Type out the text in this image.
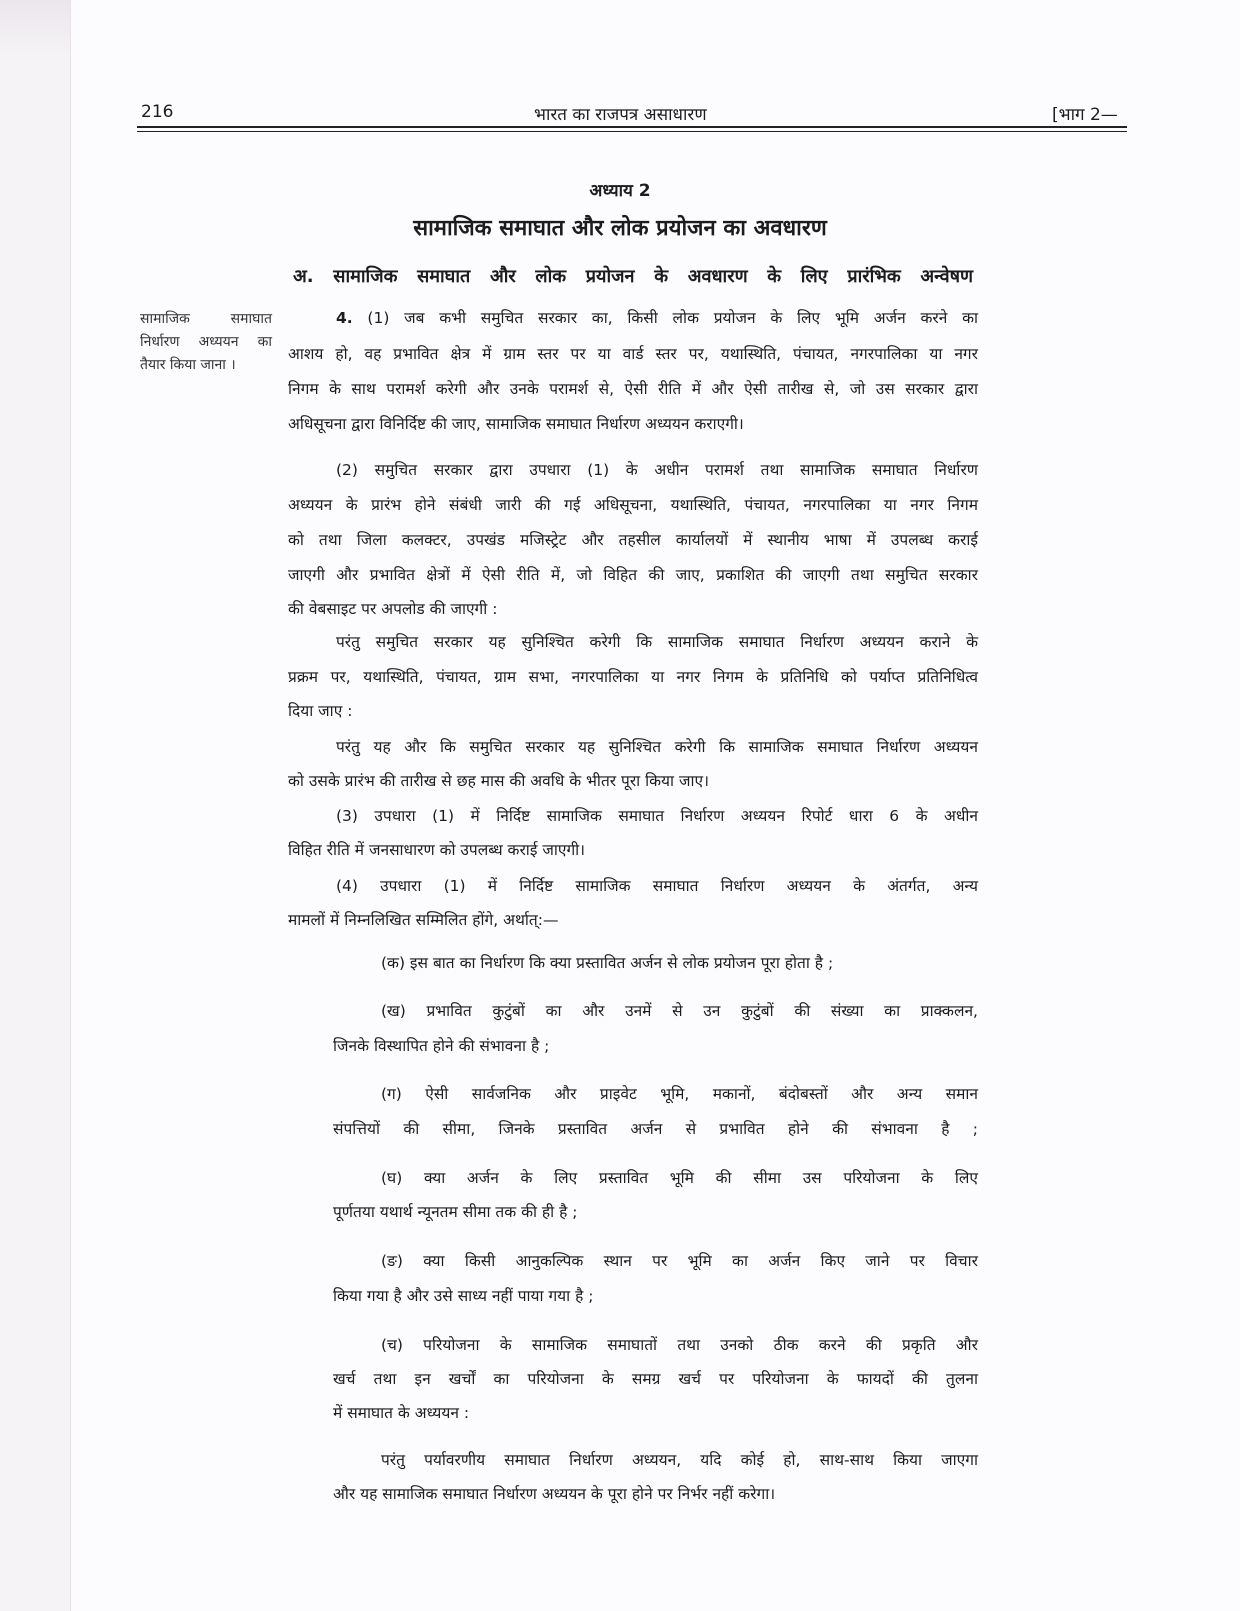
216	भारत का राजपत्र असाधारण	[भाग 2—
अध्याय 2
सामाजिक समाघात और लोक प्रयोजन का अवधारण
अ. सामाजिक समाघात और लोक प्रयोजन के अवधारण के लिए प्रारंभिक अन्वेषण
सामाजिक समाघात
निर्धारण अध्ययन का
तैयार किया जाना ।
4. (1) जब कभी समुचित सरकार का, किसी लोक प्रयोजन के लिए भूमि अर्जन करने का
आशय हो, वह प्रभावित क्षेत्र में ग्राम स्तर पर या वार्ड स्तर पर, यथास्थिति, पंचायत, नगरपालिका या नगर
निगम के साथ परामर्श करेगी और उनके परामर्श से, ऐसी रीति में और ऐसी तारीख से, जो उस सरकार द्वारा
अधिसूचना द्वारा विनिर्दिष्ट की जाए, सामाजिक समाघात निर्धारण अध्ययन कराएगी।
(2) समुचित सरकार द्वारा उपधारा (1) के अधीन परामर्श तथा सामाजिक समाघात निर्धारण
अध्ययन के प्रारंभ होने संबंधी जारी की गई अधिसूचना, यथास्थिति, पंचायत, नगरपालिका या नगर निगम
को तथा जिला कलक्टर, उपखंड मजिस्ट्रेट और तहसील कार्यालयों में स्थानीय भाषा में उपलब्ध कराई
जाएगी और प्रभावित क्षेत्रों में ऐसी रीति में, जो विहित की जाए, प्रकाशित की जाएगी तथा समुचित सरकार
की वेबसाइट पर अपलोड की जाएगी :
परंतु समुचित सरकार यह सुनिश्चित करेगी कि सामाजिक समाघात निर्धारण अध्ययन कराने के
प्रक्रम पर, यथास्थिति, पंचायत, ग्राम सभा, नगरपालिका या नगर निगम के प्रतिनिधि को पर्याप्त प्रतिनिधित्व
दिया जाए :
परंतु यह और कि समुचित सरकार यह सुनिश्चित करेगी कि सामाजिक समाघात निर्धारण अध्ययन
को उसके प्रारंभ की तारीख से छह मास की अवधि के भीतर पूरा किया जाए।
(3) उपधारा (1) में निर्दिष्ट सामाजिक समाघात निर्धारण अध्ययन रिपोर्ट धारा 6 के अधीन
विहित रीति में जनसाधारण को उपलब्ध कराई जाएगी।
(4) उपधारा (1) में निर्दिष्ट सामाजिक समाघात निर्धारण अध्ययन के अंतर्गत, अन्य
मामलों में निम्नलिखित सम्मिलित होंगे, अर्थात्:—
(क) इस बात का निर्धारण कि क्या प्रस्तावित अर्जन से लोक प्रयोजन पूरा होता है ;
(ख) प्रभावित कुटुंबों का और उनमें से उन कुटुंबों की संख्या का प्राक्कलन,
जिनके विस्थापित होने की संभावना है ;
(ग) ऐसी सार्वजनिक और प्राइवेट भूमि, मकानों, बंदोबस्तों और अन्य समान
संपत्तियों की सीमा, जिनके प्रस्तावित अर्जन से प्रभावित होने की संभावना है ;
(घ) क्या अर्जन के लिए प्रस्तावित भूमि की सीमा उस परियोजना के लिए
पूर्णतया यथार्थ न्यूनतम सीमा तक की ही है ;
(ङ) क्या किसी आनुकल्पिक स्थान पर भूमि का अर्जन किए जाने पर विचार
किया गया है और उसे साध्य नहीं पाया गया है ;
(च) परियोजना के सामाजिक समाघातों तथा उनको ठीक करने की प्रकृति और
खर्च तथा इन खर्चों का परियोजना के समग्र खर्च पर परियोजना के फायदों की तुलना
में समाघात के अध्ययन :
परंतु पर्यावरणीय समाघात निर्धारण अध्ययन, यदि कोई हो, साथ-साथ किया जाएगा
और यह सामाजिक समाघात निर्धारण अध्ययन के पूरा होने पर निर्भर नहीं करेगा।
